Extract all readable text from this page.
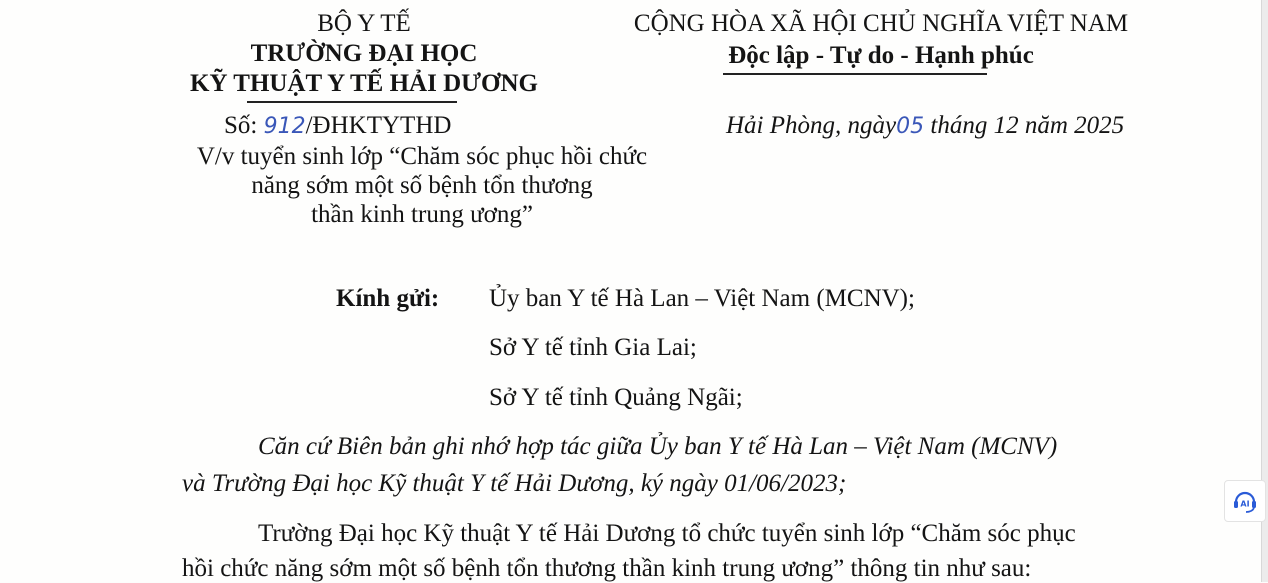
BỘ Y TẾ
TRƯỜNG ĐẠI HỌC
KỸ THUẬT Y TẾ HẢI DƯƠNG
Số: 912/ĐHKTYTHD
V/v tuyển sinh lớp “Chăm sóc phục hồi chức
năng sớm một số bệnh tổn thương
thần kinh trung ương”
CỘNG HÒA XÃ HỘI CHỦ NGHĨA VIỆT NAM
Độc lập - Tự do - Hạnh phúc
Hải Phòng, ngày05 tháng 12 năm 2025
Kính gửi: Ủy ban Y tế Hà Lan – Việt Nam (MCNV);
Sở Y tế tỉnh Gia Lai;
Sở Y tế tỉnh Quảng Ngãi;
Căn cứ Biên bản ghi nhớ hợp tác giữa Ủy ban Y tế Hà Lan – Việt Nam (MCNV)
và Trường Đại học Kỹ thuật Y tế Hải Dương, ký ngày 01/06/2023;
Trường Đại học Kỹ thuật Y tế Hải Dương tổ chức tuyển sinh lớp “Chăm sóc phục
hồi chức năng sớm một số bệnh tổn thương thần kinh trung ương” thông tin như sau:
AI
